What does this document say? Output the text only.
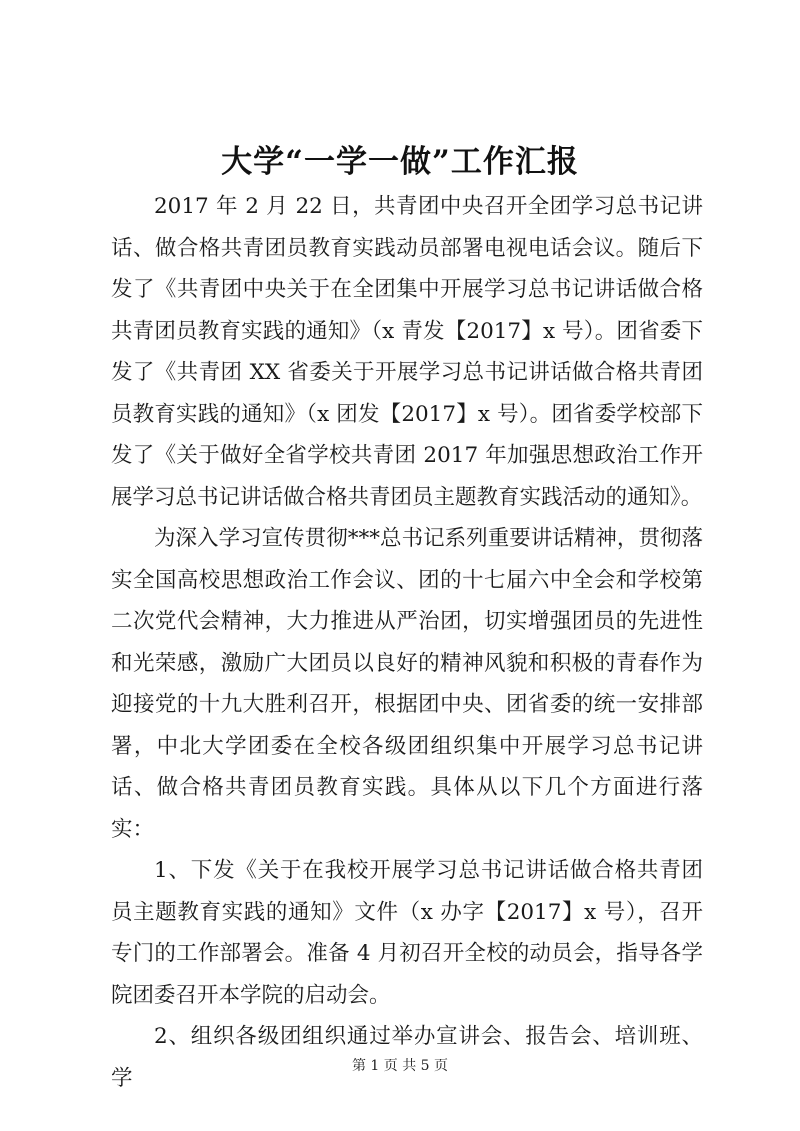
大学“一学一做”工作汇报

2017 年 2 月 22 日，共青团中央召开全团学习总书记讲话、做合格共青团员教育实践动员部署电视电话会议。随后下发了《共青团中央关于在全团集中开展学习总书记讲话做合格共青团员教育实践的通知》（x 青发【2017】x 号）。团省委下发了《共青团 XX 省委关于开展学习总书记讲话做合格共青团员教育实践的通知》（x 团发【2017】x 号）。团省委学校部下发了《关于做好全省学校共青团 2017 年加强思想政治工作开展学习总书记讲话做合格共青团员主题教育实践活动的通知》。

为深入学习宣传贯彻***总书记系列重要讲话精神，贯彻落实全国高校思想政治工作会议、团的十七届六中全会和学校第二次党代会精神，大力推进从严治团，切实增强团员的先进性和光荣感，激励广大团员以良好的精神风貌和积极的青春作为迎接党的十九大胜利召开，根据团中央、团省委的统一安排部署，中北大学团委在全校各级团组织集中开展学习总书记讲话、做合格共青团员教育实践。具体从以下几个方面进行落实：

1、下发《关于在我校开展学习总书记讲话做合格共青团员主题教育实践的通知》文件（x 办字【2017】x 号），召开专门的工作部署会。准备 4 月初召开全校的动员会，指导各学院团委召开本学院的启动会。

2、组织各级团组织通过举办宣讲会、报告会、培训班、学	第 1 页 共 5 页
